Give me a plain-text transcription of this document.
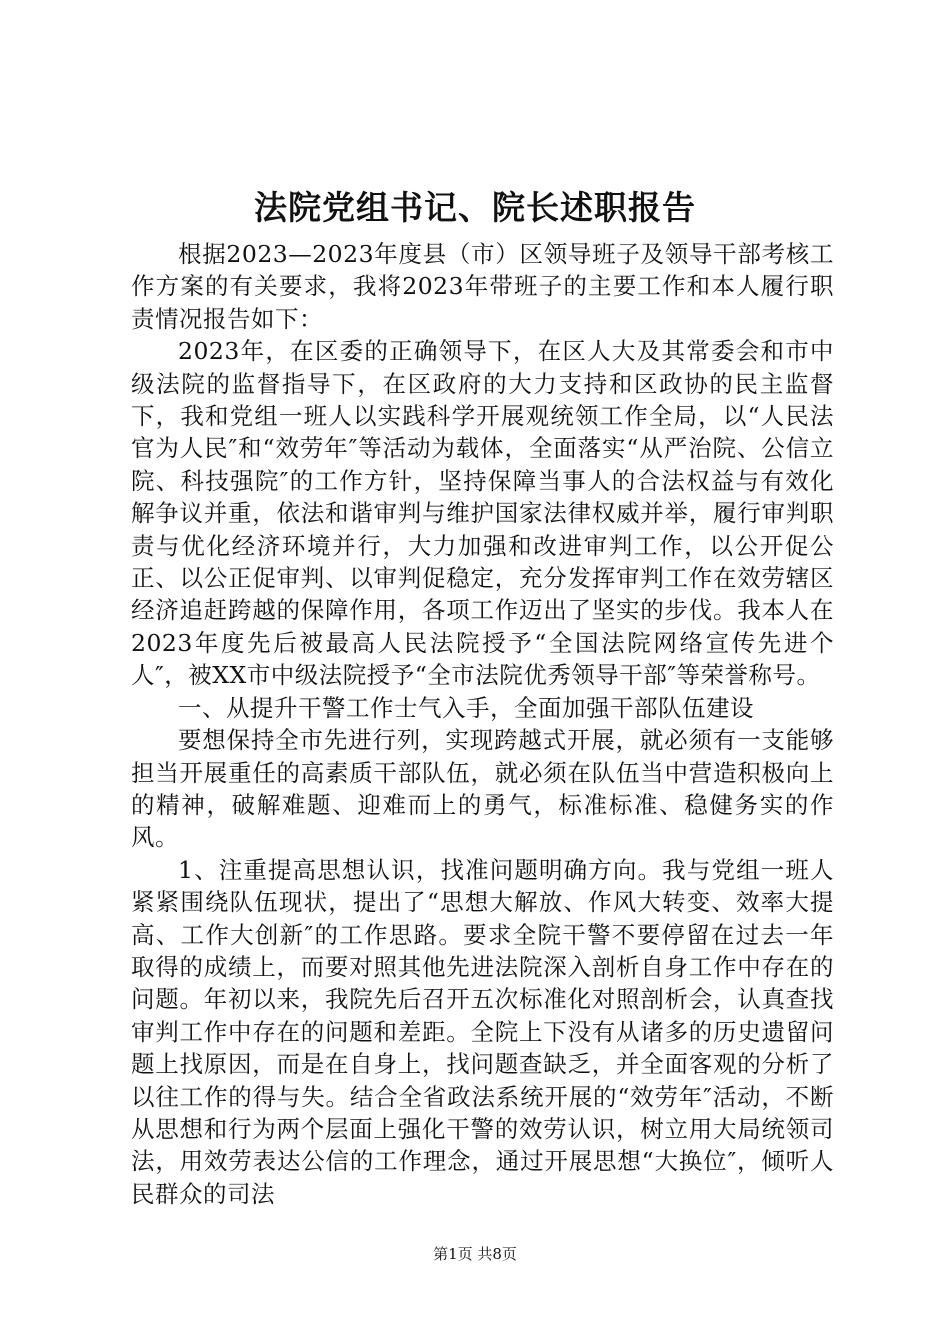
法院党组书记、院长述职报告

根据2023—2023年度县（市）区领导班子及领导干部考核工作方案的有关要求，我将2023年带班子的主要工作和本人履行职责情况报告如下：

2023年，在区委的正确领导下，在区人大及其常委会和市中级法院的监督指导下，在区政府的大力支持和区政协的民主监督下，我和党组一班人以实践科学开展观统领工作全局，以“人民法官为人民″和“效劳年″等活动为载体，全面落实“从严治院、公信立院、科技强院″的工作方针，坚持保障当事人的合法权益与有效化解争议并重，依法和谐审判与维护国家法律权威并举，履行审判职责与优化经济环境并行，大力加强和改进审判工作，以公开促公正、以公正促审判、以审判促稳定，充分发挥审判工作在效劳辖区经济追赶跨越的保障作用，各项工作迈出了坚实的步伐。我本人在2023年度先后被最高人民法院授予“全国法院网络宣传先进个人″，被XX市中级法院授予“全市法院优秀领导干部″等荣誉称号。

一、从提升干警工作士气入手，全面加强干部队伍建设

要想保持全市先进行列，实现跨越式开展，就必须有一支能够担当开展重任的高素质干部队伍，就必须在队伍当中营造积极向上的精神，破解难题、迎难而上的勇气，标准标准、稳健务实的作风。

1、注重提高思想认识，找准问题明确方向。我与党组一班人紧紧围绕队伍现状，提出了“思想大解放、作风大转变、效率大提高、工作大创新″的工作思路。要求全院干警不要停留在过去一年取得的成绩上，而要对照其他先进法院深入剖析自身工作中存在的问题。年初以来，我院先后召开五次标准化对照剖析会，认真查找审判工作中存在的问题和差距。全院上下没有从诸多的历史遗留问题上找原因，而是在自身上，找问题查缺乏，并全面客观的分析了以往工作的得与失。结合全省政法系统开展的“效劳年″活动，不断从思想和行为两个层面上强化干警的效劳认识，树立用大局统领司法，用效劳表达公信的工作理念，通过开展思想“大换位″，倾听人民群众的司法

第1页 共8页
